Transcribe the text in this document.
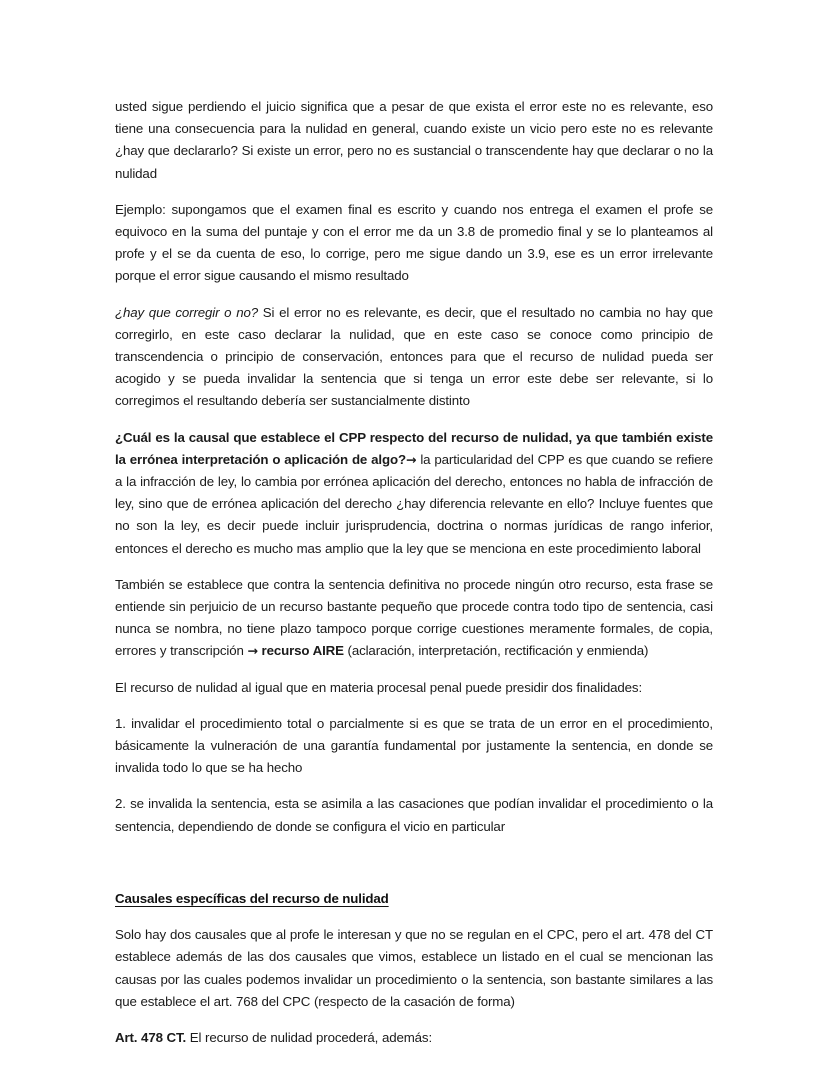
usted sigue perdiendo el juicio significa que a pesar de que exista el error este no es relevante, eso tiene una consecuencia para la nulidad en general, cuando existe un vicio pero este no es relevante ¿hay que declararlo? Si existe un error, pero no es sustancial o transcendente hay que declarar o no la nulidad

Ejemplo: supongamos que el examen final es escrito y cuando nos entrega el examen el profe se equivoco en la suma del puntaje y con el error me da un 3.8 de promedio final y se lo planteamos al profe y el se da cuenta de eso, lo corrige, pero me sigue dando un 3.9, ese es un error irrelevante porque el error sigue causando el mismo resultado

¿hay que corregir o no? Si el error no es relevante, es decir, que el resultado no cambia no hay que corregirlo, en este caso declarar la nulidad, que en este caso se conoce como principio de transcendencia o principio de conservación, entonces para que el recurso de nulidad pueda ser acogido y se pueda invalidar la sentencia que si tenga un error este debe ser relevante, si lo corregimos el resultando debería ser sustancialmente distinto

¿Cuál es la causal que establece el CPP respecto del recurso de nulidad, ya que también existe la errónea interpretación o aplicación de algo?→ la particularidad del CPP es que cuando se refiere a la infracción de ley, lo cambia por errónea aplicación del derecho, entonces no habla de infracción de ley, sino que de errónea aplicación del derecho ¿hay diferencia relevante en ello? Incluye fuentes que no son la ley, es decir puede incluir jurisprudencia, doctrina o normas jurídicas de rango inferior, entonces el derecho es mucho mas amplio que la ley que se menciona en este procedimiento laboral

También se establece que contra la sentencia definitiva no procede ningún otro recurso, esta frase se entiende sin perjuicio de un recurso bastante pequeño que procede contra todo tipo de sentencia, casi nunca se nombra, no tiene plazo tampoco porque corrige cuestiones meramente formales, de copia, errores y transcripción → recurso AIRE (aclaración, interpretación, rectificación y enmienda)

El recurso de nulidad al igual que en materia procesal penal puede presidir dos finalidades:

1. invalidar el procedimiento total o parcialmente si es que se trata de un error en el procedimiento, básicamente la vulneración de una garantía fundamental por justamente la sentencia, en donde se invalida todo lo que se ha hecho

2. se invalida la sentencia, esta se asimila a las casaciones que podían invalidar el procedimiento o la sentencia, dependiendo de donde se configura el vicio en particular

Causales específicas del recurso de nulidad

Solo hay dos causales que al profe le interesan y que no se regulan en el CPC, pero el art. 478 del CT establece además de las dos causales que vimos, establece un listado en el cual se mencionan las causas por las cuales podemos invalidar un procedimiento o la sentencia, son bastante similares a las que establece el art. 768 del CPC (respecto de la casación de forma)

Art. 478 CT. El recurso de nulidad procederá, además:
